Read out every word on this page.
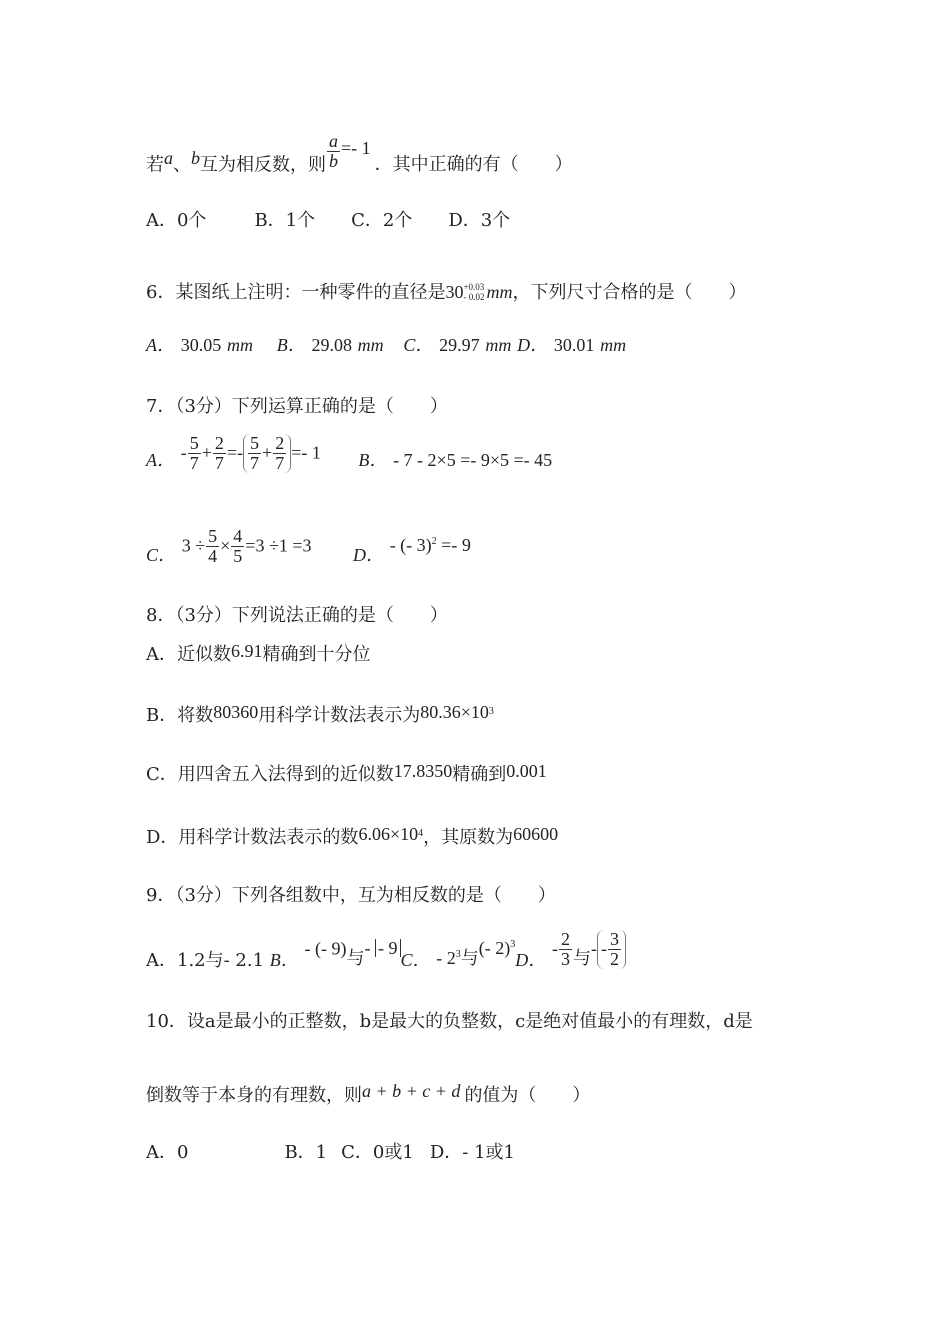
若a、b互为相反数，则 $\frac{a}{b} =- 1$．其中正确的有（　　）
A．0个	B．1个 C．2个 D．3个
6．某图纸上注明：一种零件的直径是30 +0.03
- 0.02 mm，下列尺寸合格的是（　　）
A． 30.05 mm B． 29.08 mm C． 29.97 mm D． 30.01 mm
7．（3分）下列运算正确的是（　　）
A． - $\frac{5}{7} + \frac{2}{7} =- \frac{5}{7} + \frac{2}{7} =- 1$ B． - 7 - 2×5 =- 9×5 =- 45
C． $3 \div \frac{5}{4} \times \frac{4}{5} =3 \div 1 =3$ D． - (- 3)$^2$ =- 9
8．（3分）下列说法正确的是（　　）
A．近似数6.91精确到十分位
B．将数80360用科学计数法表示为$80.36\times 10^3$
C．用四舍五入法得到的近似数17.8350精确到0.001
D．用科学计数法表示的数$6.06\times 10^4$，其原数为60600
9．（3分）下列各组数中，互为相反数的是（　　）
A．1.2与- 2.1 B． - (- 9)与- - 9C． - $2^3$与(- 2)$^3$D． - $\frac{2}{3}$ 与- - $\frac{3}{2}$
10．设a是最小的正整数，b是最大的负整数，c是绝对值最小的有理数，d是
倒数等于本身的有理数，则a + b + c + d 的值为（　　）
A．0	B．1 C．0或1 D．- 1或1
